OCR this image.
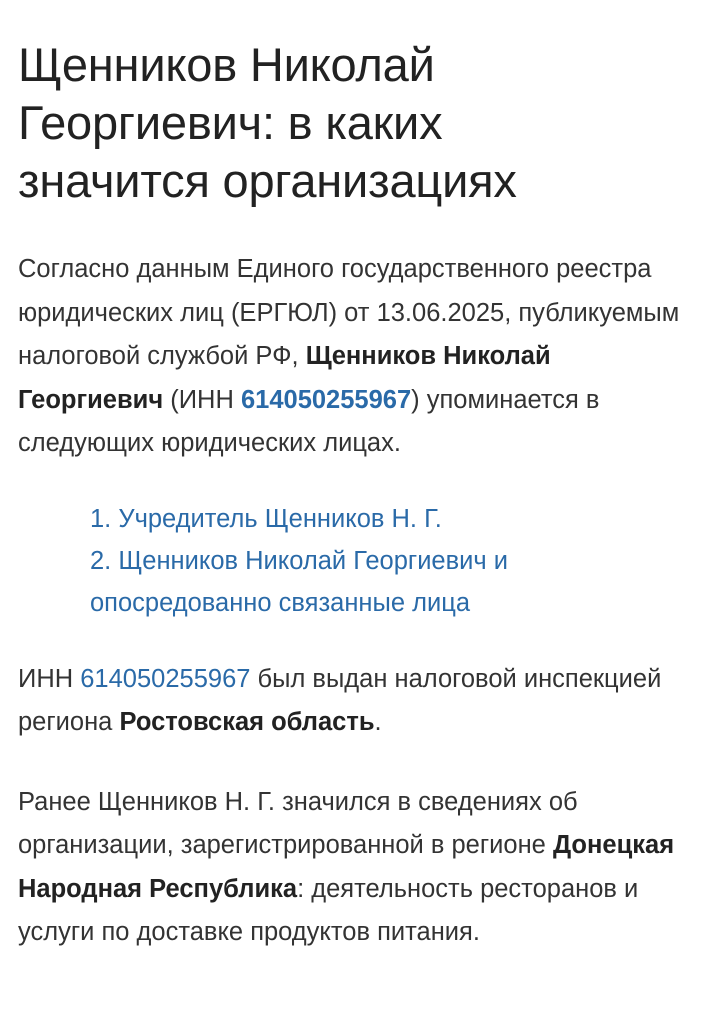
Щенников Николай
Георгиевич: в каких
значится организациях

Согласно данным Единого государственного реестра юридических лиц (ЕРГЮЛ) от 13.06.2025, публикуемым налоговой службой РФ, Щенников Николай Георгиевич (ИНН 614050255967) упоминается в следующих юридических лицах.

1. Учредитель Щенников Н. Г.
2. Щенников Николай Георгиевич и опосредованно связанные лица

ИНН 614050255967 был выдан налоговой инспекцией региона Ростовская область.

Ранее Щенников Н. Г. значился в сведениях об организации, зарегистрированной в регионе Донецкая Народная Республика: деятельность ресторанов и услуги по доставке продуктов питания.
